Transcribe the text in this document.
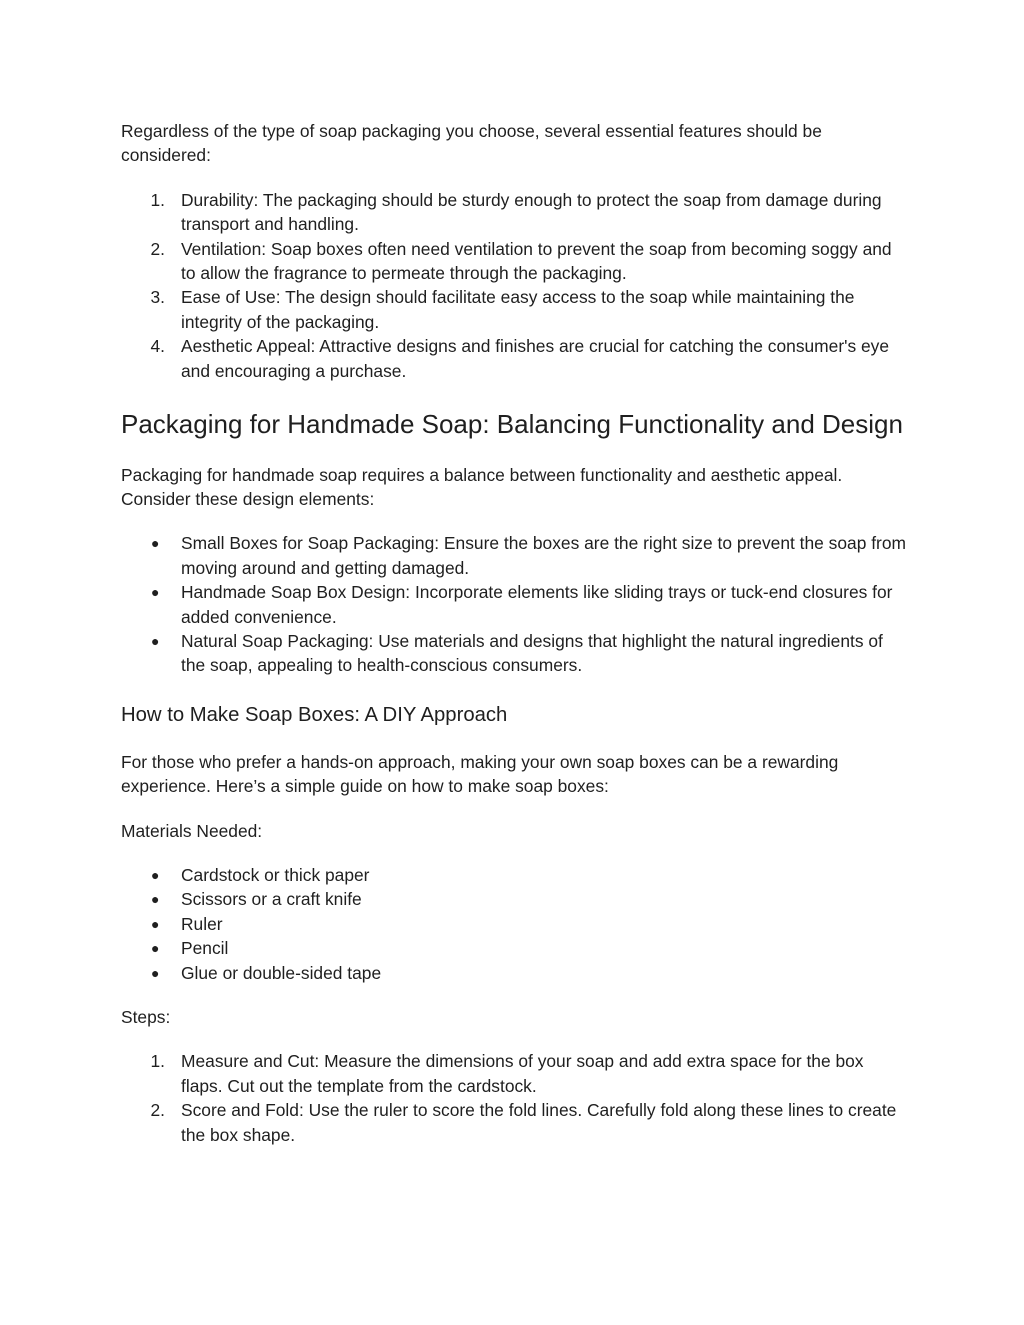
Regardless of the type of soap packaging you choose, several essential features should be considered:

1. Durability: The packaging should be sturdy enough to protect the soap from damage during transport and handling.
2. Ventilation: Soap boxes often need ventilation to prevent the soap from becoming soggy and to allow the fragrance to permeate through the packaging.
3. Ease of Use: The design should facilitate easy access to the soap while maintaining the integrity of the packaging.
4. Aesthetic Appeal: Attractive designs and finishes are crucial for catching the consumer's eye and encouraging a purchase.
Packaging for Handmade Soap: Balancing Functionality and Design

Packaging for handmade soap requires a balance between functionality and aesthetic appeal. Consider these design elements:

●	Small Boxes for Soap Packaging: Ensure the boxes are the right size to prevent the soap from moving around and getting damaged.
●	Handmade Soap Box Design: Incorporate elements like sliding trays or tuck-end closures for added convenience.
●	Natural Soap Packaging: Use materials and designs that highlight the natural ingredients of the soap, appealing to health-conscious consumers.
How to Make Soap Boxes: A DIY Approach

For those who prefer a hands-on approach, making your own soap boxes can be a rewarding experience. Here’s a simple guide on how to make soap boxes:

Materials Needed:

●	Cardstock or thick paper
●	Scissors or a craft knife
●	Ruler
●	Pencil
●	Glue or double-sided tape

Steps:

1. Measure and Cut: Measure the dimensions of your soap and add extra space for the box flaps. Cut out the template from the cardstock.
2. Score and Fold: Use the ruler to score the fold lines. Carefully fold along these lines to create the box shape.
